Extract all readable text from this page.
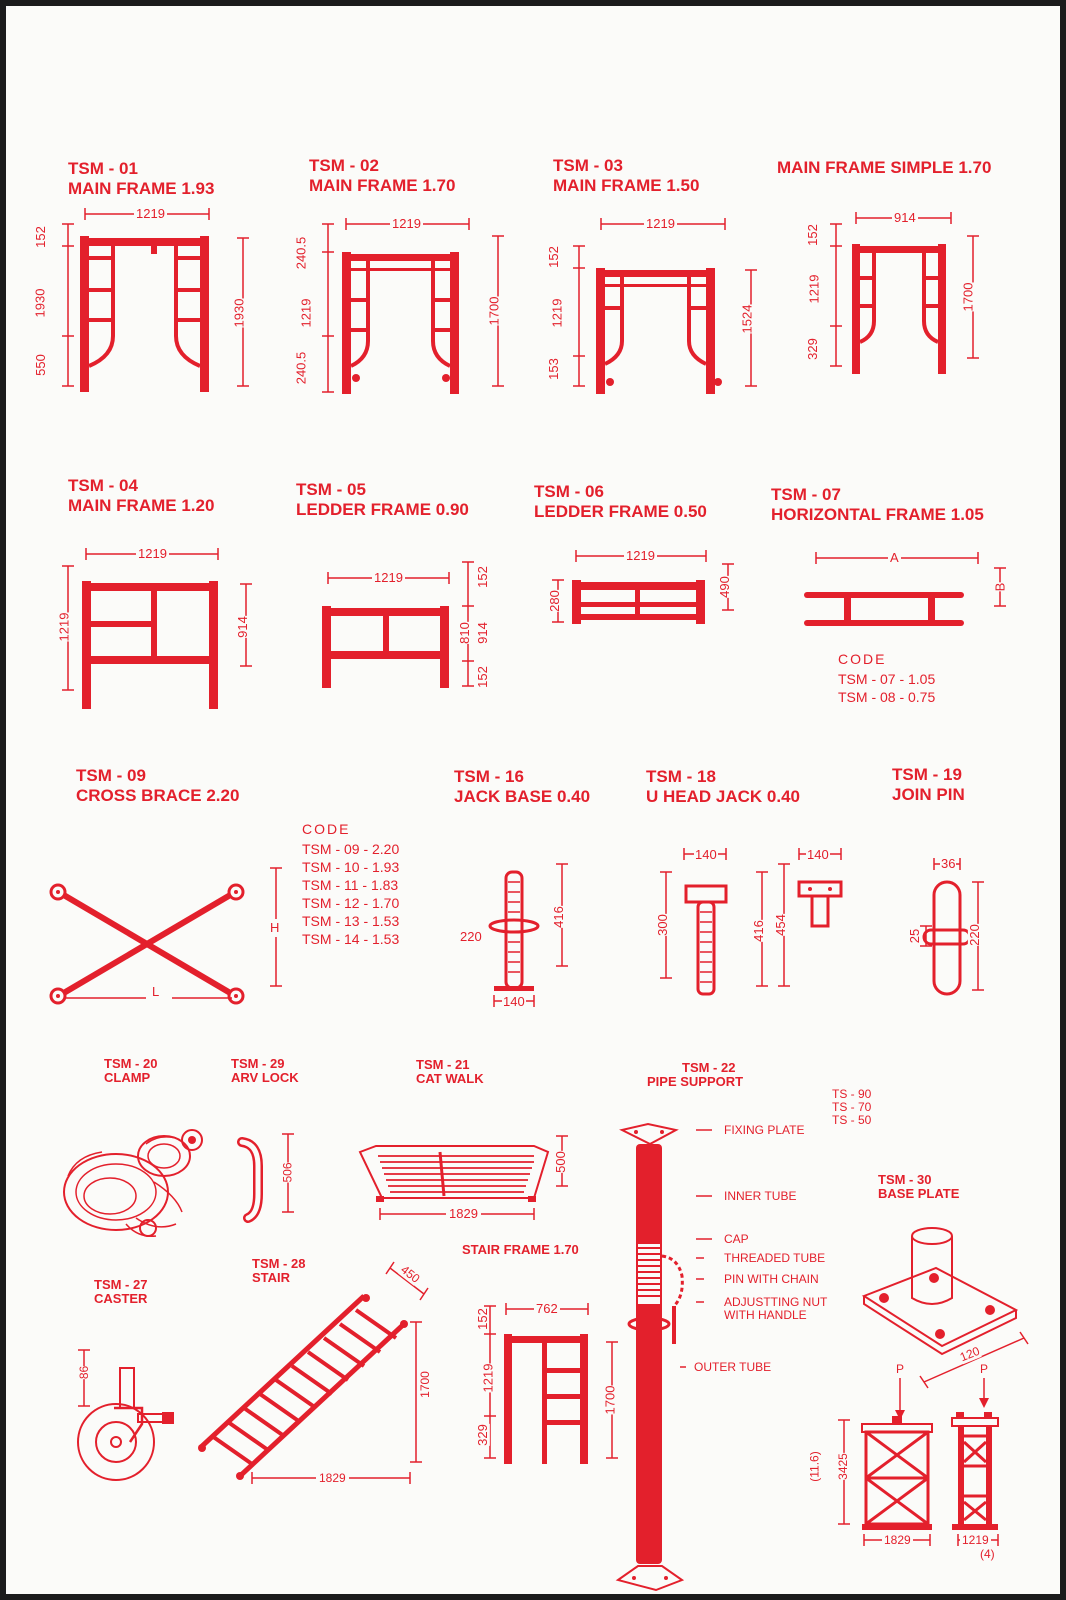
TSM - 01
MAIN FRAME 1.93
TSM - 02
MAIN FRAME 1.70
TSM - 03
MAIN FRAME 1.50
MAIN FRAME SIMPLE 1.70
TSM - 04
MAIN FRAME 1.20
TSM - 05
LEDDER FRAME 0.90
TSM - 06
LEDDER FRAME 0.50
TSM - 07
HORIZONTAL FRAME 1.05
TSM - 09
CROSS BRACE 2.20
TSM - 16
JACK BASE 0.40
TSM - 18
U HEAD JACK 0.40
TSM - 19
JOIN PIN
TSM - 20
CLAMP
TSM - 29
ARV LOCK
TSM - 21
CAT WALK
TSM - 22
PIPE SUPPORT
TSM - 27
CASTER
TSM - 28
STAIR
STAIR FRAME 1.70
TSM - 30
BASE PLATE
1219
152
550
1930	1930
1219
240.5
1219
240.5
1700
1219
152
1219
153
1524
914
152
1219
329
1700
1219
1219	914
1219	152
810 914
152
1219
280
490
A
B
CODE
TSM - 07 - 1.05
TSM - 08 - 0.75
H
L
CODE
TSM - 09 - 2.20
TSM - 10 - 1.93
TSM - 11 - 1.83
TSM - 12 - 1.70
TSM - 13 - 1.53
TSM - 14 - 1.53
416
220
140
140	140
300	416 454
36
25	220
506	500
1829
TS - 90
TS - 70
TS - 50
FIXING PLATE
INNER TUBE
CAP
THREADED TUBE
PIN WITH CHAIN
ADJUSTTING NUT
WITH HANDLE
OUTER TUBE
86
450
1700
1829
762
152
1219
329
1700
120
P	P
(11.6) 3425
1829	1219
(4)
